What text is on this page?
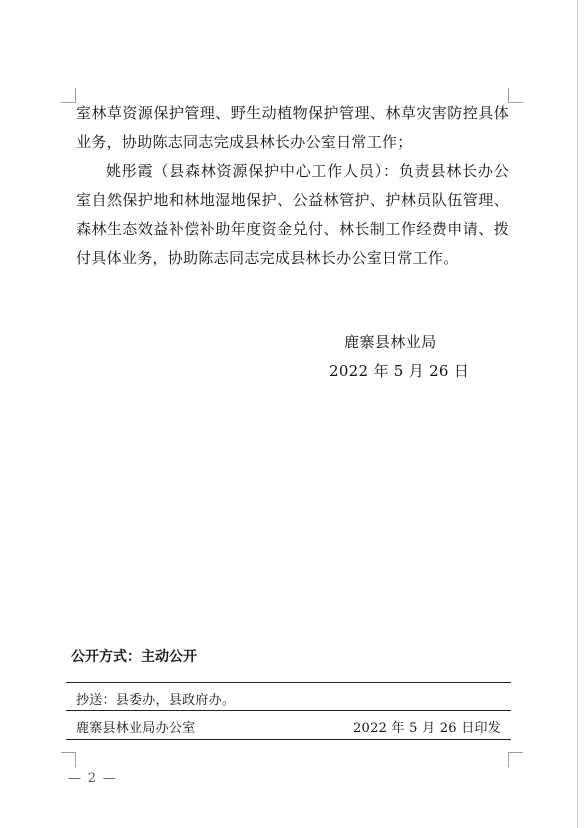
室林草资源保护管理、野生动植物保护管理、林草灾害防控具体业务，协助陈志同志完成县林长办公室日常工作；

姚彤霞（县森林资源保护中心工作人员）：负责县林长办公室自然保护地和林地湿地保护、公益林管护、护林员队伍管理、森林生态效益补偿补助年度资金兑付、林长制工作经费申请、拨付具体业务，协助陈志同志完成县林长办公室日常工作。

鹿寨县林业局
2022 年 5 月 26 日
公开方式：主动公开
抄送：县委办，县政府办。
鹿寨县林业局办公室	2022 年 5 月 26 日印发
— 2 —
